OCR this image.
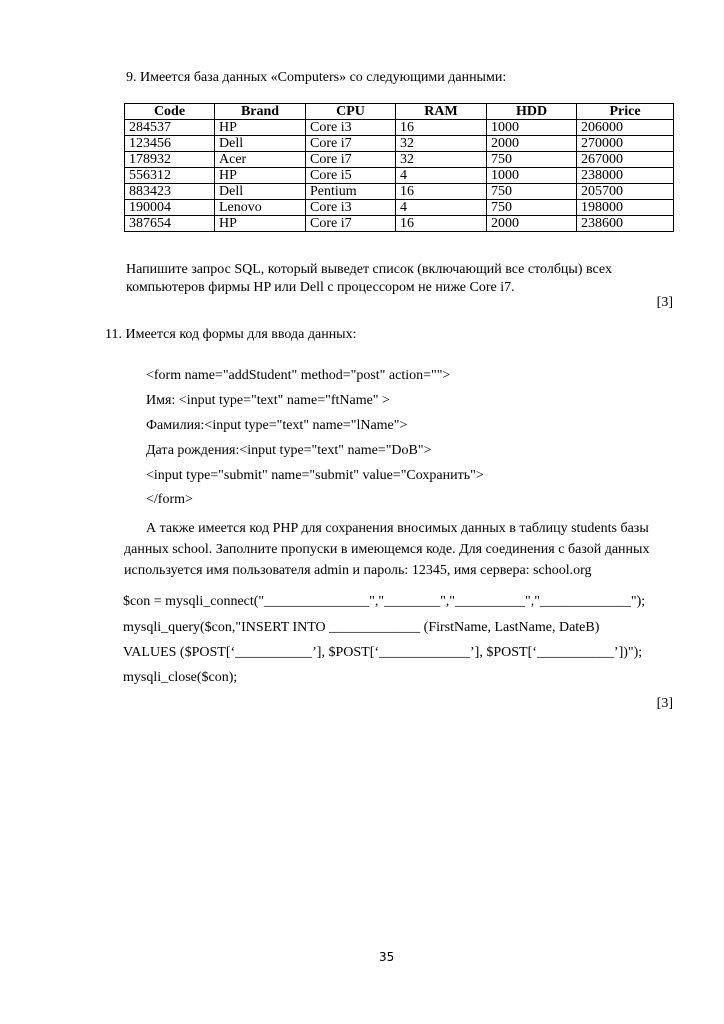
9. Имеется база данных «Computers» со следующими данными:
Code	Brand	CPU	RAM	HDD	Price
284537	HP	Core i3	16	1000	206000
123456	Dell	Core i7	32	2000	270000
178932	Acer	Core i7	32	750	267000
556312	HP	Core i5	4	1000	238000
883423	Dell	Pentium	16	750	205700
190004	Lenovo	Core i3	4	750	198000
387654	HP	Core i7	16	2000	238600
Напишите запрос SQL, который выведет список (включающий все столбцы) всех компьютеров фирмы HP или Dell с процессором не ниже Core i7.
[3]
11. Имеется код формы для ввода данных:
<form name="addStudent" method="post" action="">
Имя: <input type="text" name="ftName" >
Фамилия:<input type="text" name="lName">
Дата рождения:<input type="text" name="DoB">
<input type="submit" name="submit" value="Сохранить">
</form>
А также имеется код PHP для сохранения вносимых данных в таблицу students базы данных school. Заполните пропуски в имеющемся коде. Для соединения с базой данных используется имя пользователя admin и пароль: 12345, имя сервера: school.org
$con = mysqli_connect("_______________","________","__________","_____________");
mysqli_query($con,"INSERT INTO _____________ (FirstName, LastName, DateB)
VALUES ($POST[‘___________’], $POST[‘_____________’], $POST[‘___________’])");
mysqli_close($con);
[3]
35
